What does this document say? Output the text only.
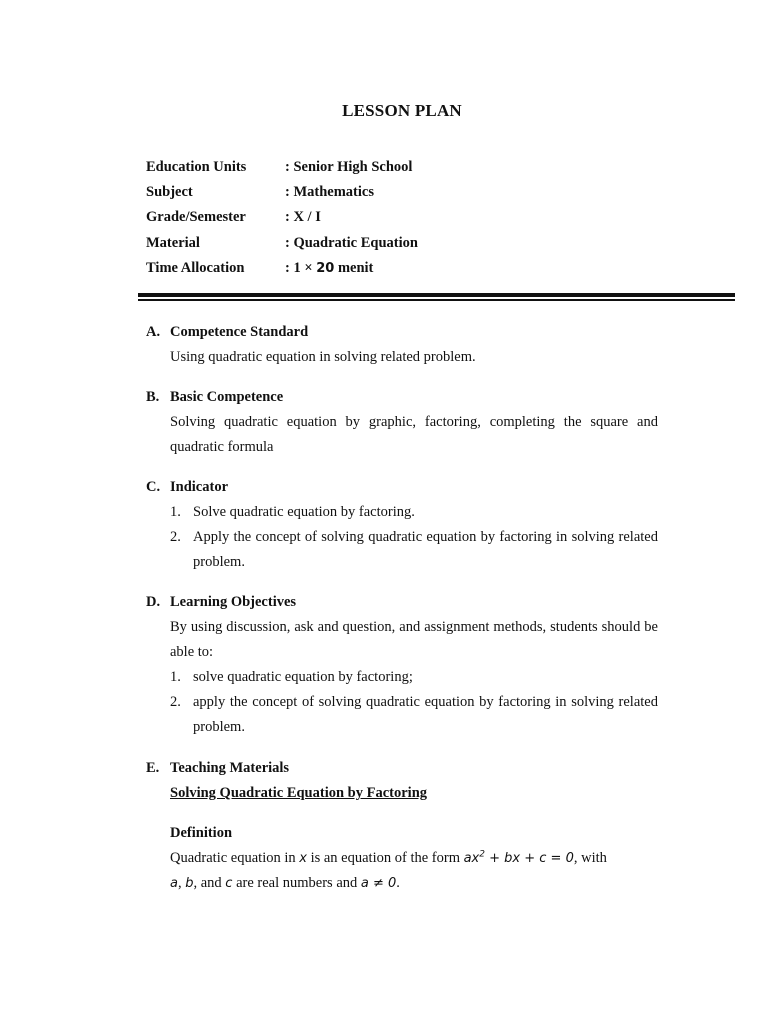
LESSON PLAN
Education Units	: Senior High School
Subject	: Mathematics
Grade/Semester	: X / I
Material	: Quadratic Equation
Time Allocation	: 1 × 20 menit
A. Competence Standard
Using quadratic equation in solving related problem.
B. Basic Competence
Solving quadratic equation by graphic, factoring, completing the square and quadratic formula
C. Indicator
1. Solve quadratic equation by factoring.
2. Apply the concept of solving quadratic equation by factoring in solving related problem.
D. Learning Objectives
By using discussion, ask and question, and assignment methods, students should be able to:
1. solve quadratic equation by factoring;
2. apply the concept of solving quadratic equation by factoring in solving related problem.
E. Teaching Materials
Solving Quadratic Equation by Factoring
Definition
Quadratic equation in x is an equation of the form $ax^2$ + bx + c = 0, with
a, b, and c are real numbers and a ≠ 0.
